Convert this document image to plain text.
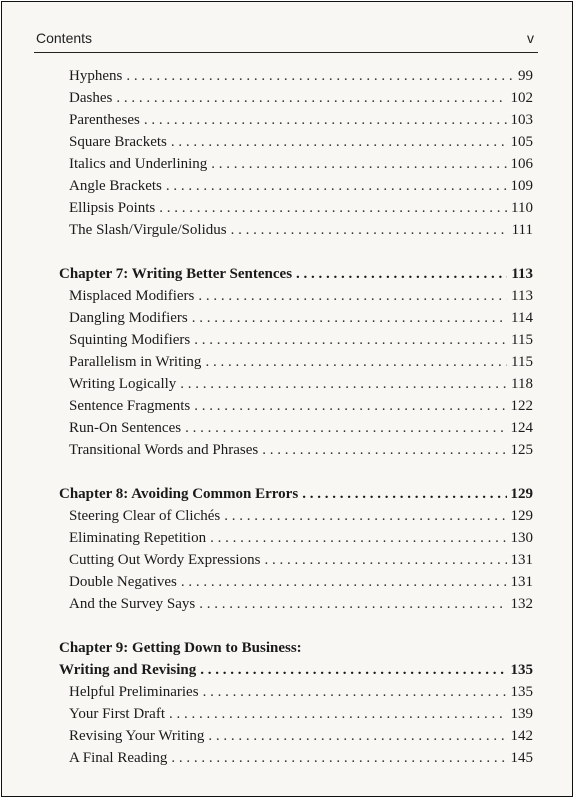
Contents	v
Hyphens . . .	99
Dashes . . .	102
Parentheses . . .	103
Square Brackets . . .	105
Italics and Underlining . . .	106
Angle Brackets . . .	109
Ellipsis Points . . .	110
The Slash/Virgule/Solidus . . .	111
Chapter 7: Writing Better Sentences . . .	113
Misplaced Modifiers . . .	113
Dangling Modifiers . . .	114
Squinting Modifiers . . .	115
Parallelism in Writing . . .	115
Writing Logically . . .	118
Sentence Fragments . . .	122
Run-On Sentences . . .	124
Transitional Words and Phrases . . .	125
Chapter 8: Avoiding Common Errors . . .	129
Steering Clear of Clichés . . .	129
Eliminating Repetition . . .	130
Cutting Out Wordy Expressions . . .	131
Double Negatives . . .	131
And the Survey Says . . .	132
Chapter 9: Getting Down to Business:
Writing and Revising . . .	135
Helpful Preliminaries . . .	135
Your First Draft . . .	139
Revising Your Writing . . .	142
A Final Reading . . .	145
